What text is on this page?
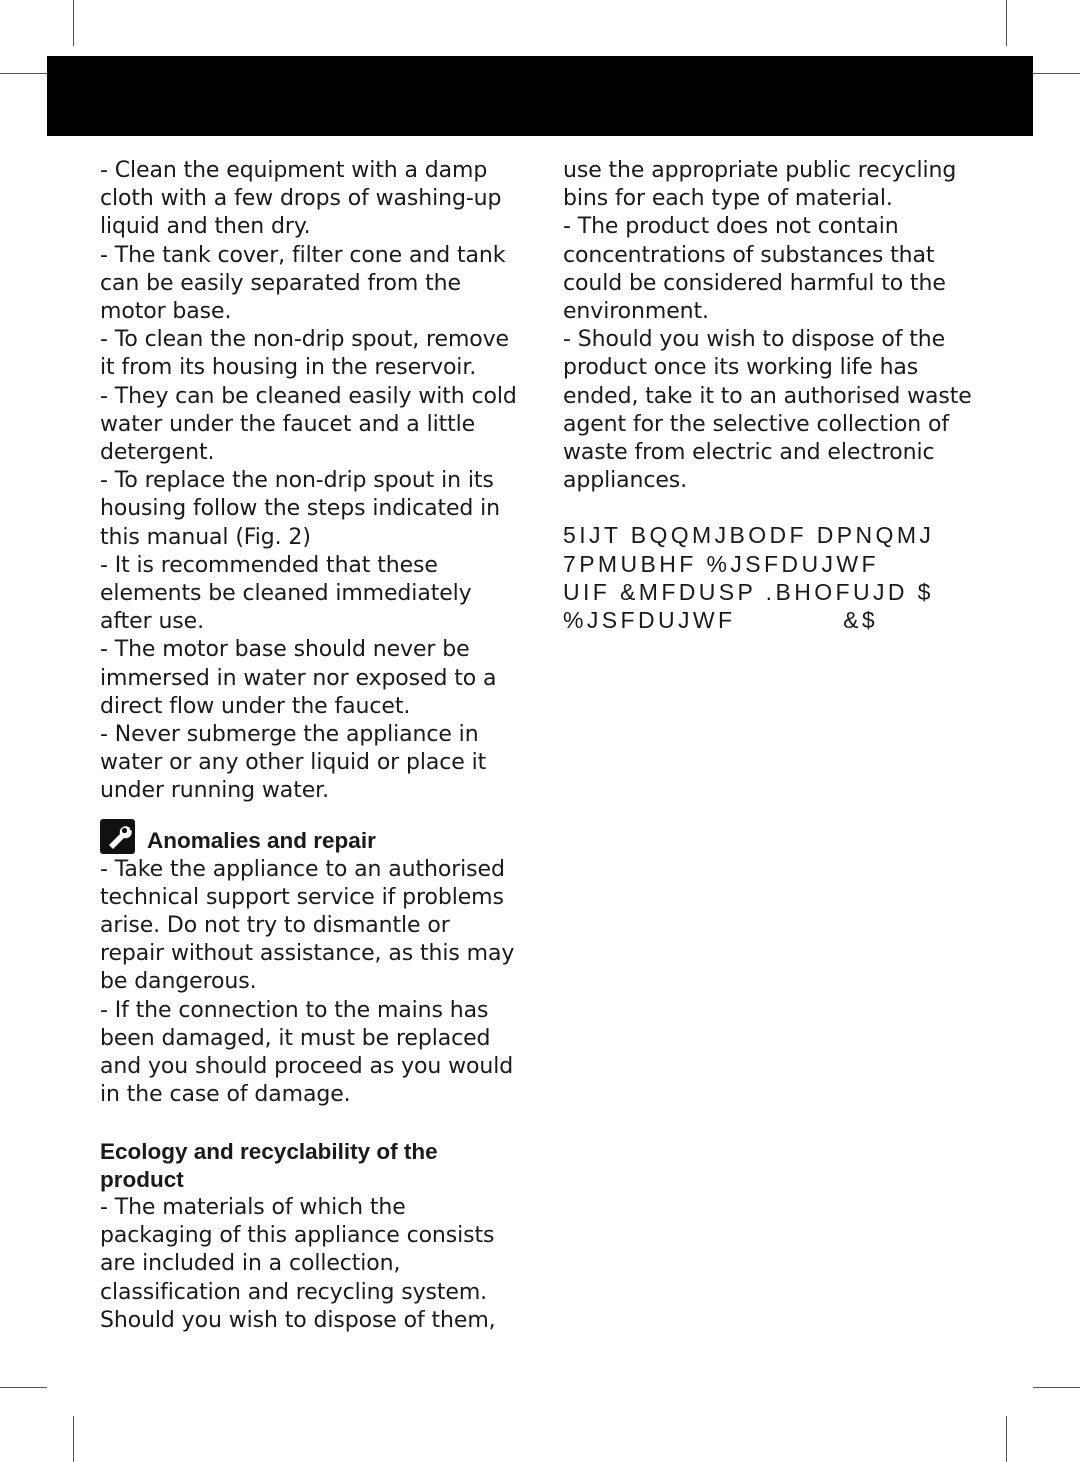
- Clean the equipment with a damp cloth with a few drops of washing-up liquid and then dry.

- The tank cover, filter cone and tank can be easily separated from the motor base.

- To clean the non-drip spout, remove it from its housing in the reservoir.

- They can be cleaned easily with cold water under the faucet and a little detergent.

- To replace the non-drip spout in its housing follow the steps indicated in this manual (Fig. 2)

- It is recommended that these elements be cleaned immediately after use.

- The motor base should never be immersed in water nor exposed to a direct flow under the faucet.

- Never submerge the appliance in water or any other liquid or place it under running water.

Anomalies and repair

- Take the appliance to an authorised technical support service if problems arise. Do not try to dismantle or repair without assistance, as this may be dangerous.

- If the connection to the mains has been damaged, it must be replaced and you should proceed as you would in the case of damage.

Ecology and recyclability of the product

- The materials of which the packaging of this appliance consists are included in a collection, classification and recycling system. Should you wish to dispose of them,

use the appropriate public recycling bins for each type of material.

- The product does not contain concentrations of substances that could be considered harmful to the environment.

- Should you wish to dispose of the product once its working life has ended, take it to an authorised waste agent for the selective collection of waste from electric and electronic appliances.

5IJT BQQMJBODF DPNQMJ

7PMUBHF %JSFDUJWF

UIF &MFDUSP .BHOFUJD $

%JSFDUJWF           &$
